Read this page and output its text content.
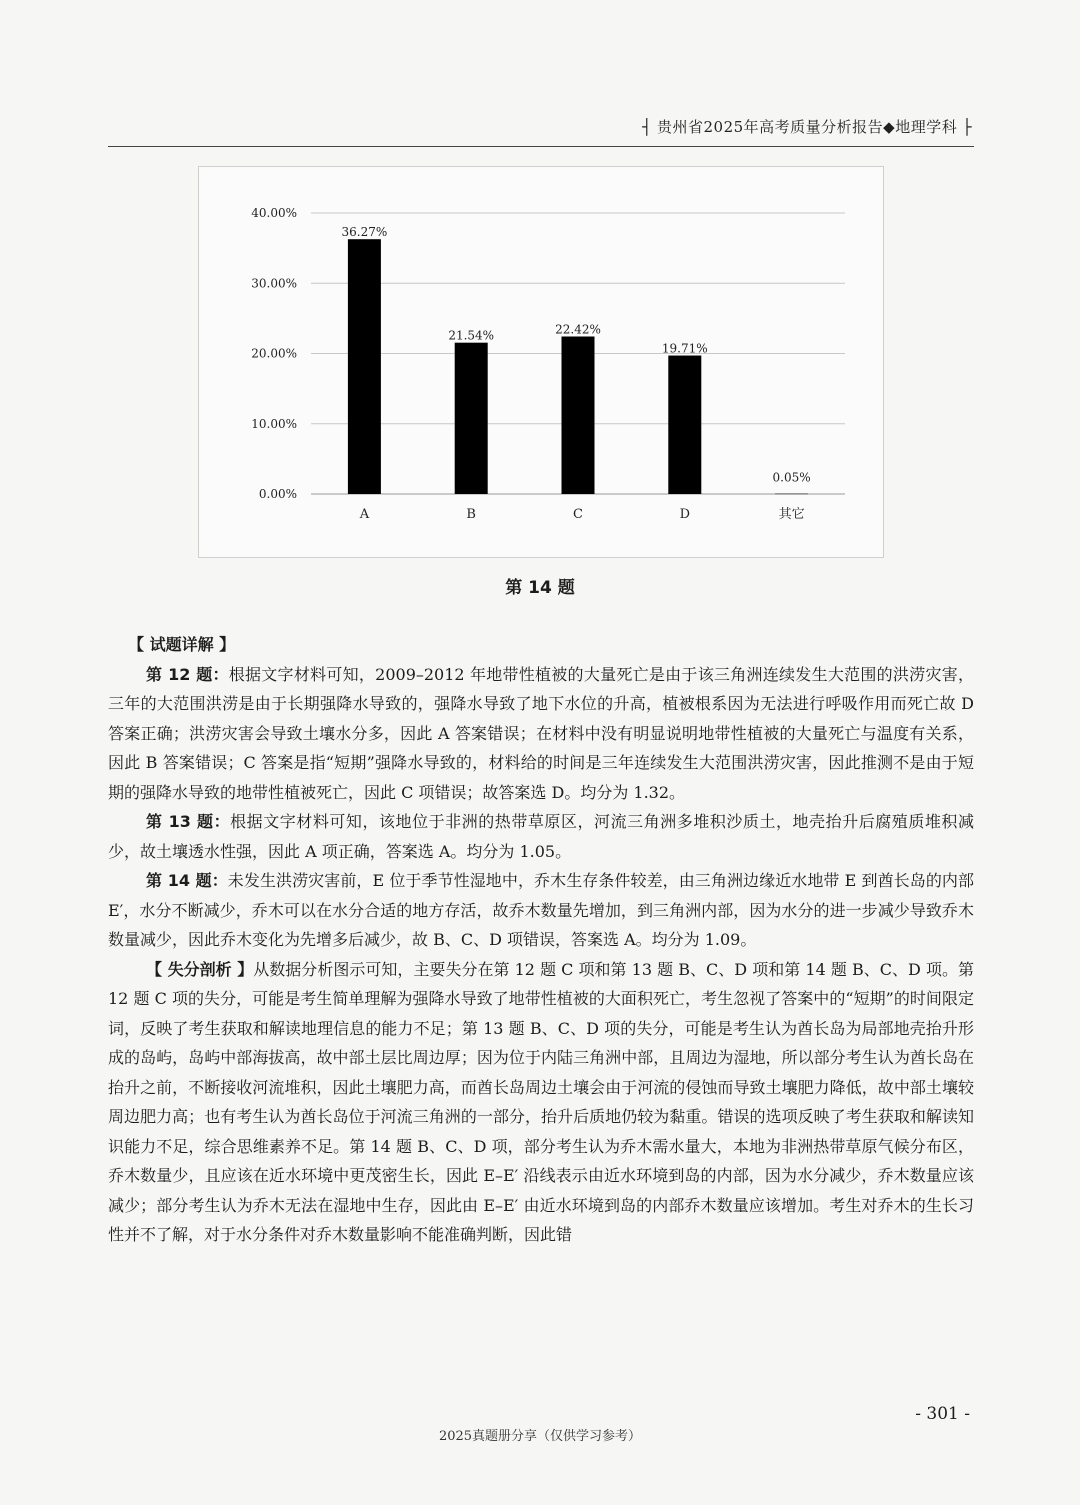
┤ 贵州省2025年高考质量分析报告◆地理学科 ├
0.00%
10.00%
20.00%
30.00%
40.00%
36.27%
A
21.54%
B
22.42%
C
19.71%
D
0.05%
其它
第 14 题

【 试题详解 】

第 12 题：根据文字材料可知，2009–2012 年地带性植被的大量死亡是由于该三角洲连续发生大范围的洪涝灾害，三年的大范围洪涝是由于长期强降水导致的，强降水导致了地下水位的升高，植被根系因为无法进行呼吸作用而死亡故 D 答案正确；洪涝灾害会导致土壤水分多，因此 A 答案错误；在材料中没有明显说明地带性植被的大量死亡与温度有关系，因此 B 答案错误；C 答案是指“短期”强降水导致的，材料给的时间是三年连续发生大范围洪涝灾害，因此推测不是由于短期的强降水导致的地带性植被死亡，因此 C 项错误；故答案选 D。均分为 1.32。

第 13 题：根据文字材料可知，该地位于非洲的热带草原区，河流三角洲多堆积沙质土，地壳抬升后腐殖质堆积减少，故土壤透水性强，因此 A 项正确，答案选 A。均分为 1.05。

第 14 题：未发生洪涝灾害前，E 位于季节性湿地中，乔木生存条件较差，由三角洲边缘近水地带 E 到酋长岛的内部 E′，水分不断减少，乔木可以在水分合适的地方存活，故乔木数量先增加，到三角洲内部，因为水分的进一步减少导致乔木数量减少，因此乔木变化为先增多后减少，故 B、C、D 项错误，答案选 A。均分为 1.09。

【 失分剖析 】从数据分析图示可知，主要失分在第 12 题 C 项和第 13 题 B、C、D 项和第 14 题 B、C、D 项。第 12 题 C 项的失分，可能是考生简单理解为强降水导致了地带性植被的大面积死亡，考生忽视了答案中的“短期”的时间限定词，反映了考生获取和解读地理信息的能力不足；第 13 题 B、C、D 项的失分，可能是考生认为酋长岛为局部地壳抬升形成的岛屿，岛屿中部海拔高，故中部土层比周边厚；因为位于内陆三角洲中部，且周边为湿地，所以部分考生认为酋长岛在抬升之前，不断接收河流堆积，因此土壤肥力高，而酋长岛周边土壤会由于河流的侵蚀而导致土壤肥力降低，故中部土壤较周边肥力高；也有考生认为酋长岛位于河流三角洲的一部分，抬升后质地仍较为黏重。错误的选项反映了考生获取和解读知识能力不足，综合思维素养不足。第 14 题 B、C、D 项，部分考生认为乔木需水量大，本地为非洲热带草原气候分布区，乔木数量少，且应该在近水环境中更茂密生长，因此 E–E′ 沿线表示由近水环境到岛的内部，因为水分减少，乔木数量应该减少；部分考生认为乔木无法在湿地中生存，因此由 E–E′ 由近水环境到岛的内部乔木数量应该增加。考生对乔木的生长习性并不了解，对于水分条件对乔木数量影响不能准确判断，因此错

- 301 -
2025真题册分享（仅供学习参考）
